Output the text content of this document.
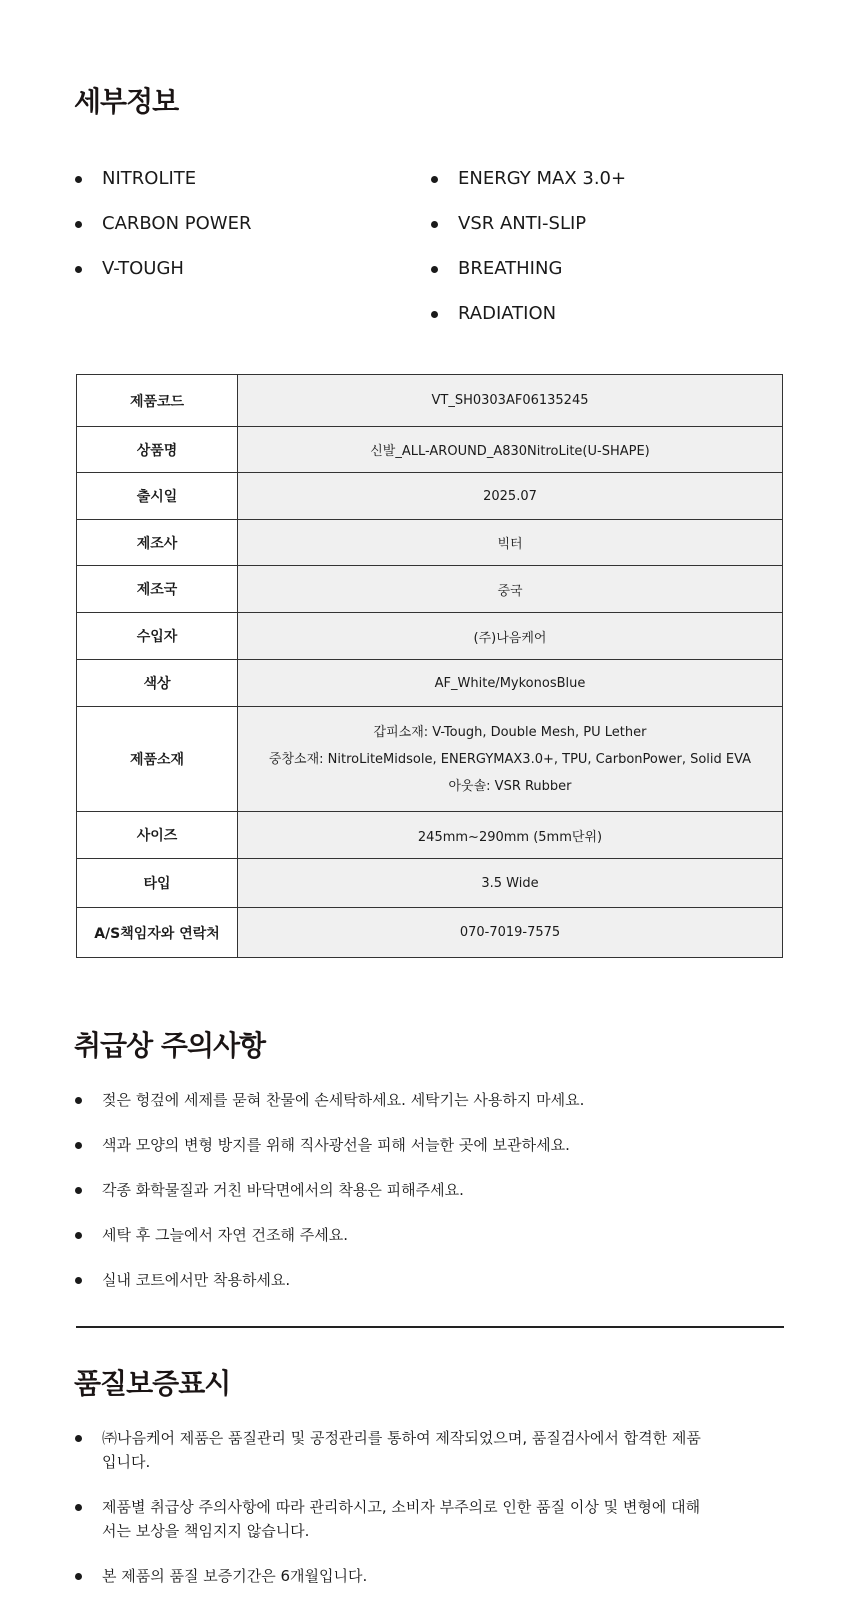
세부정보
NITROLITE
CARBON POWER
V-TOUGH
ENERGY MAX 3.0+
VSR ANTI-SLIP
BREATHING
RADIATION
제품코드	VT_SH0303AF06135245
상품명	신발_ALL-AROUND_A830NitroLite(U-SHAPE)
출시일	2025.07
제조사	빅터
제조국	중국
수입자	(주)나음케어
색상	AF_White/MykonosBlue
제품소재	갑피소재: V-Tough, Double Mesh, PU Lether
중창소재: NitroLiteMidsole, ENERGYMAX3.0+, TPU, CarbonPower, Solid EVA
아웃솔: VSR Rubber

사이즈	245mm~290mm (5mm단위)
타입	3.5 Wide
A/S책임자와 연락처	070-7019-7575
취급상 주의사항
젖은 헝겊에 세제를 묻혀 찬물에 손세탁하세요. 세탁기는 사용하지 마세요.
색과 모양의 변형 방지를 위해 직사광선을 피해 서늘한 곳에 보관하세요.
각종 화학물질과 거친 바닥면에서의 착용은 피해주세요.
세탁 후 그늘에서 자연 건조해 주세요.
실내 코트에서만 착용하세요.
품질보증표시
㈜나음케어 제품은 품질관리 및 공정관리를 통하여 제작되었으며, 품질검사에서 합격한 제품입니다.
제품별 취급상 주의사항에 따라 관리하시고, 소비자 부주의로 인한 품질 이상 및 변형에 대해서는 보상을 책임지지 않습니다.
본 제품의 품질 보증기간은 6개월입니다.
